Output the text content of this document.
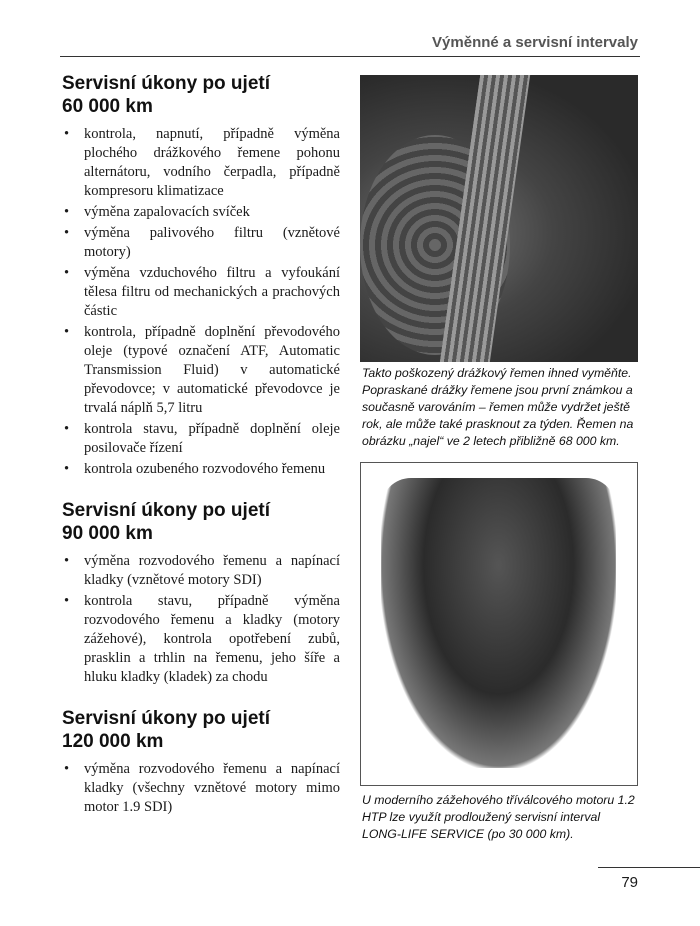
Výměnné a servisní intervaly
Servisní úkony po ujetí
60 000 km
• kontrola, napnutí, případně výměna plochého drážkového řemene pohonu alternátoru, vodního čerpadla, případně kompresoru klimatizace
• výměna zapalovacích svíček
• výměna palivového filtru (vznětové motory)
• výměna vzduchového filtru a vyfoukání tělesa filtru od mechanických a prachových částic
• kontrola, případně doplnění převodového oleje (typové označení ATF, Automatic Transmission Fluid) v automatické převodovce; v automatické převodovce je trvalá náplň 5,7 litru
• kontrola stavu, případně doplnění oleje posilovače řízení
• kontrola ozubeného rozvodového řemenu
Servisní úkony po ujetí
90 000 km
• výměna rozvodového řemenu a napínací kladky (vznětové motory SDI)
• kontrola stavu, případně výměna rozvodového řemenu a kladky (motory zážehové), kontrola opotřebení zubů, prasklin a trhlin na řemenu, jeho šíře a hluku kladky (kladek) za chodu
Servisní úkony po ujetí
120 000 km
• výměna rozvodového řemenu a napínací kladky (všechny vznětové motory mimo motor 1.9 SDI)
Takto poškozený drážkový řemen ihned vyměňte. Popraskané drážky řemene jsou první známkou a současně varováním – řemen může vydržet ještě rok, ale může také prasknout za týden. Řemen na obrázku „najel“ ve 2 letech přibližně 68 000 km.
U moderního zážehového tříválcového motoru 1.2 HTP lze využít prodloužený servisní interval LONG-LIFE SERVICE (po 30 000 km).
79
